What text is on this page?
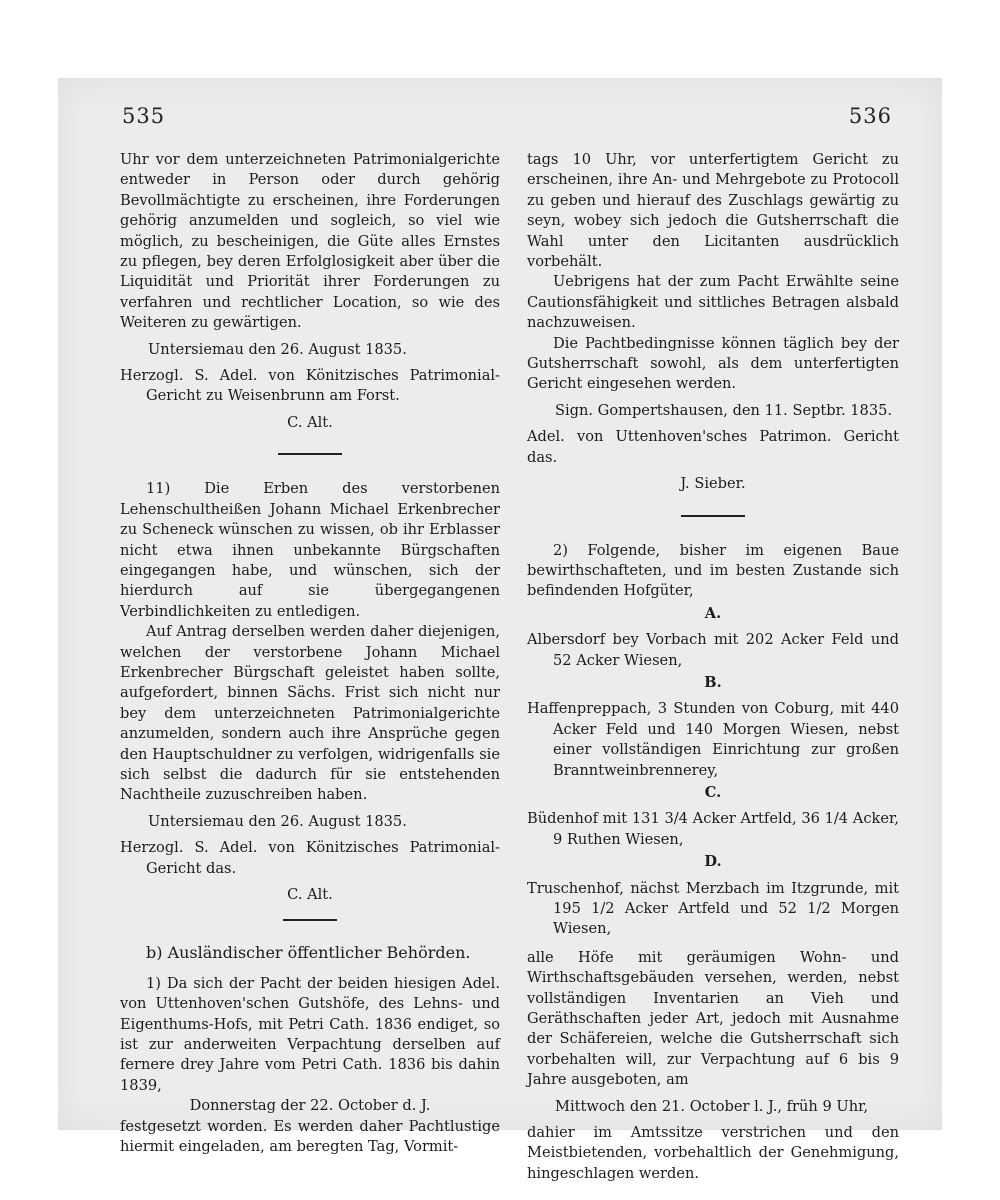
535	536

Uhr vor dem unterzeichneten Patrimonialgerichte entweder in Person oder durch gehörig Bevollmächtigte zu erscheinen, ihre Forderungen gehörig anzumelden und sogleich, so viel wie möglich, zu bescheinigen, die Güte alles Ernstes zu pflegen, bey deren Erfolglosigkeit aber über die Liquidität und Priorität ihrer Forderungen zu verfahren und rechtlicher Location, so wie des Weiteren zu gewärtigen.

Untersiemau den 26. August 1835.

Herzogl. S. Adel. von Könitzisches Patrimonial-Gericht zu Weisenbrunn am Forst.

C. Alt.

11) Die Erben des verstorbenen Lehenschultheißen Johann Michael Erkenbrecher zu Scheneck wünschen zu wissen, ob ihr Erblasser nicht etwa ihnen unbekannte Bürgschaften eingegangen habe, und wünschen, sich der hierdurch auf sie übergegangenen Verbindlichkeiten zu entledigen.

Auf Antrag derselben werden daher diejenigen, welchen der verstorbene Johann Michael Erkenbrecher Bürgschaft geleistet haben sollte, aufgefordert, binnen Sächs. Frist sich nicht nur bey dem unterzeichneten Patrimonialgerichte anzumelden, sondern auch ihre Ansprüche gegen den Hauptschuldner zu verfolgen, widrigenfalls sie sich selbst die dadurch für sie entstehenden Nachtheile zuzuschreiben haben.

Untersiemau den 26. August 1835.

Herzogl. S. Adel. von Könitzisches Patrimonial-Gericht das.

C. Alt.

b) Ausländischer öffentlicher Behörden.

1) Da sich der Pacht der beiden hiesigen Adel. von Uttenhoven'schen Gutshöfe, des Lehns- und Eigenthums-Hofs, mit Petri Cath. 1836 endiget, so ist zur anderweiten Verpachtung derselben auf fernere drey Jahre vom Petri Cath. 1836 bis dahin 1839,

Donnerstag der 22. October d. J.

festgesetzt worden. Es werden daher Pachtlustige hiermit eingeladen, am beregten Tag, Vormit-

tags 10 Uhr, vor unterfertigtem Gericht zu erscheinen, ihre An- und Mehrgebote zu Protocoll zu geben und hierauf des Zuschlags gewärtig zu seyn, wobey sich jedoch die Gutsherrschaft die Wahl unter den Licitanten ausdrücklich vorbehält.

Uebrigens hat der zum Pacht Erwählte seine Cautionsfähigkeit und sittliches Betragen alsbald nachzuweisen.

Die Pachtbedingnisse können täglich bey der Gutsherrschaft sowohl, als dem unterfertigten Gericht eingesehen werden.

Sign. Gompertshausen, den 11. Septbr. 1835.

Adel. von Uttenhoven'sches Patrimon. Gericht das.

J. Sieber.

2) Folgende, bisher im eigenen Baue bewirthschafteten, und im besten Zustande sich befindenden Hofgüter,

A.

Albersdorf bey Vorbach mit 202 Acker Feld und 52 Acker Wiesen,

B.

Haffenpreppach, 3 Stunden von Coburg, mit 440 Acker Feld und 140 Morgen Wiesen, nebst einer vollständigen Einrichtung zur großen Branntweinbrennerey,

C.

Büdenhof mit 131 3/4 Acker Artfeld, 36 1/4 Acker, 9 Ruthen Wiesen,

D.

Truschenhof, nächst Merzbach im Itzgrunde, mit 195 1/2 Acker Artfeld und 52 1/2 Morgen Wiesen,

alle Höfe mit geräumigen Wohn- und Wirthschaftsgebäuden versehen, werden, nebst vollständigen Inventarien an Vieh und Geräthschaften jeder Art, jedoch mit Ausnahme der Schäfereien, welche die Gutsherrschaft sich vorbehalten will, zur Verpachtung auf 6 bis 9 Jahre ausgeboten, am

Mittwoch den 21. October l. J., früh 9 Uhr,

dahier im Amtssitze verstrichen und den Meistbietenden, vorbehaltlich der Genehmigung, hingeschlagen werden.
